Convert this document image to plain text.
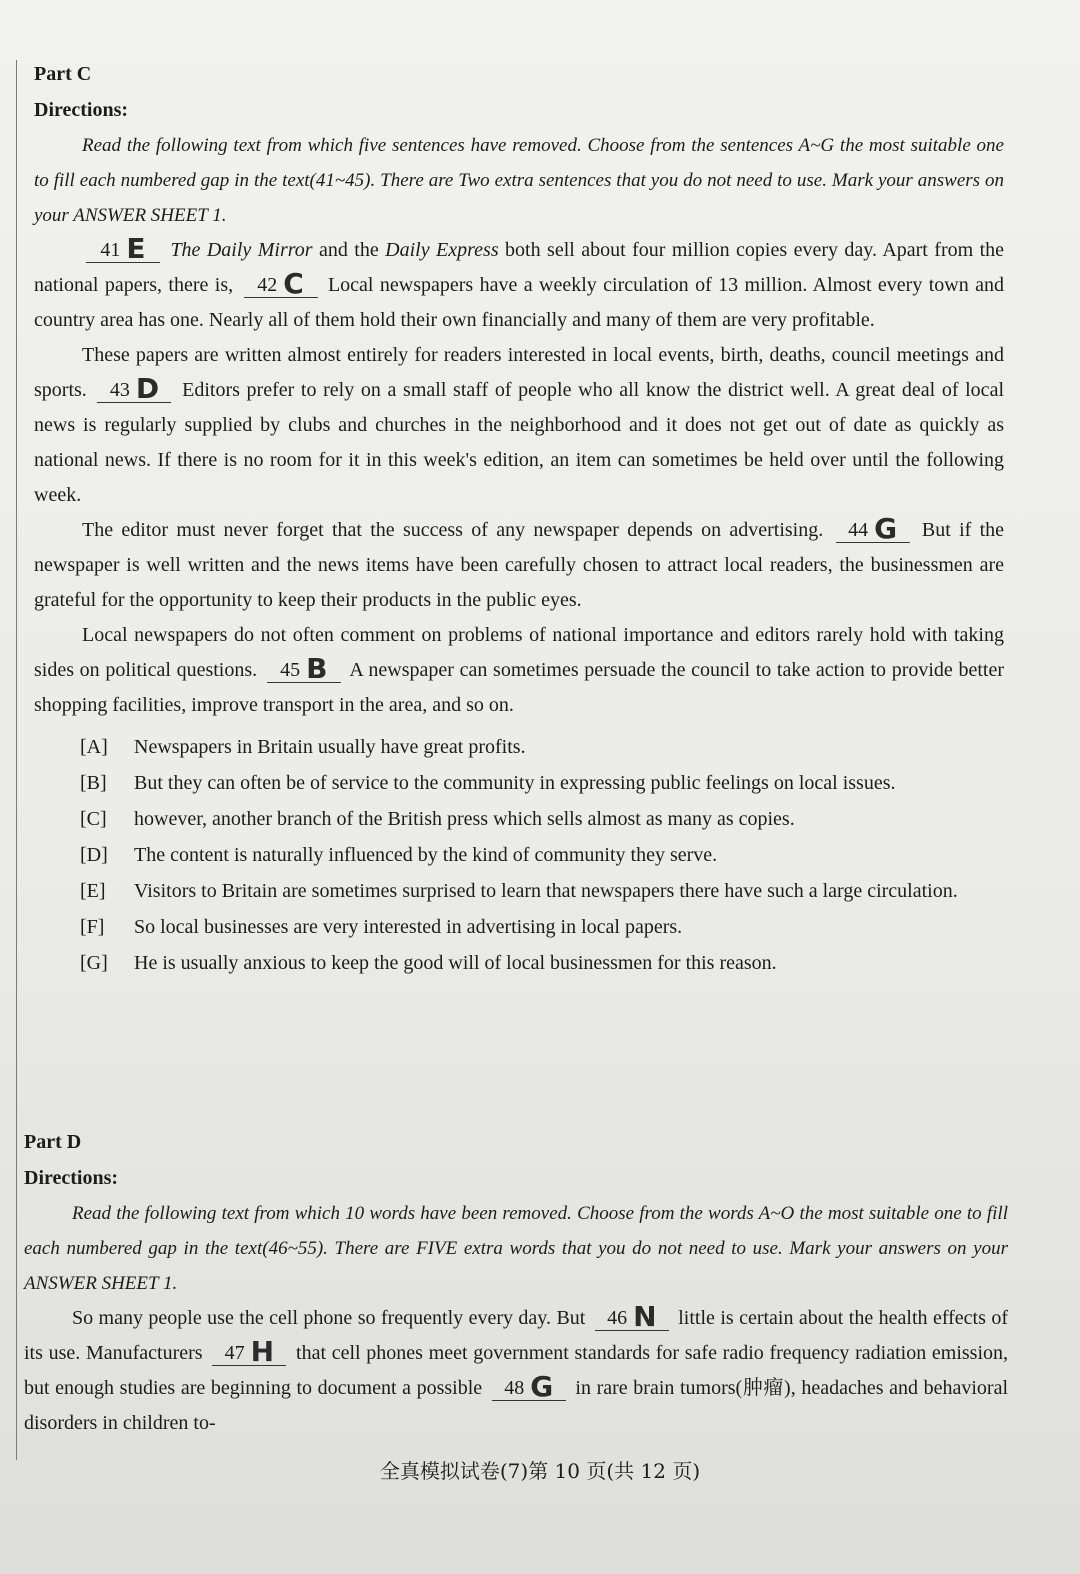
Part C
Directions:

Read the following text from which five sentences have removed. Choose from the sentences A~G the most suitable one to fill each numbered gap in the text(41~45). There are Two extra sentences that you do not need to use. Mark your answers on your ANSWER SHEET 1.

41 E The Daily Mirror and the Daily Express both sell about four million copies every day. Apart from the national papers, there is, 42 C Local newspapers have a weekly circulation of 13 million. Almost every town and country area has one. Nearly all of them hold their own financially and many of them are very profitable.

These papers are written almost entirely for readers interested in local events, birth, deaths, council meetings and sports. 43 D Editors prefer to rely on a small staff of people who all know the district well. A great deal of local news is regularly supplied by clubs and churches in the neighborhood and it does not get out of date as quickly as national news. If there is no room for it in this week's edition, an item can sometimes be held over until the following week.

The editor must never forget that the success of any newspaper depends on advertising. 44 G But if the newspaper is well written and the news items have been carefully chosen to attract local readers, the businessmen are grateful for the opportunity to keep their products in the public eyes.

Local newspapers do not often comment on problems of national importance and editors rarely hold with taking sides on political questions. 45 B A newspaper can sometimes persuade the council to take action to provide better shopping facilities, improve transport in the area, and so on.

[A]	Newspapers in Britain usually have great profits.
[B]	But they can often be of service to the community in expressing public feelings on local issues.
[C]	however, another branch of the British press which sells almost as many as copies.
[D]	The content is naturally influenced by the kind of community they serve.
[E]	Visitors to Britain are sometimes surprised to learn that newspapers there have such a large circulation.
[F]	So local businesses are very interested in advertising in local papers.
[G]	He is usually anxious to keep the good will of local businessmen for this reason.
Part D
Directions:

Read the following text from which 10 words have been removed. Choose from the words A~O the most suitable one to fill each numbered gap in the text(46~55). There are FIVE extra words that you do not need to use. Mark your answers on your ANSWER SHEET 1.

So many people use the cell phone so frequently every day. But 46 N little is certain about the health effects of its use. Manufacturers 47 H that cell phones meet government standards for safe radio frequency radiation emission, but enough studies are beginning to document a possible 48 G in rare brain tumors(肿瘤), headaches and behavioral disorders in children to-

全真模拟试卷(7)第 10 页(共 12 页)
